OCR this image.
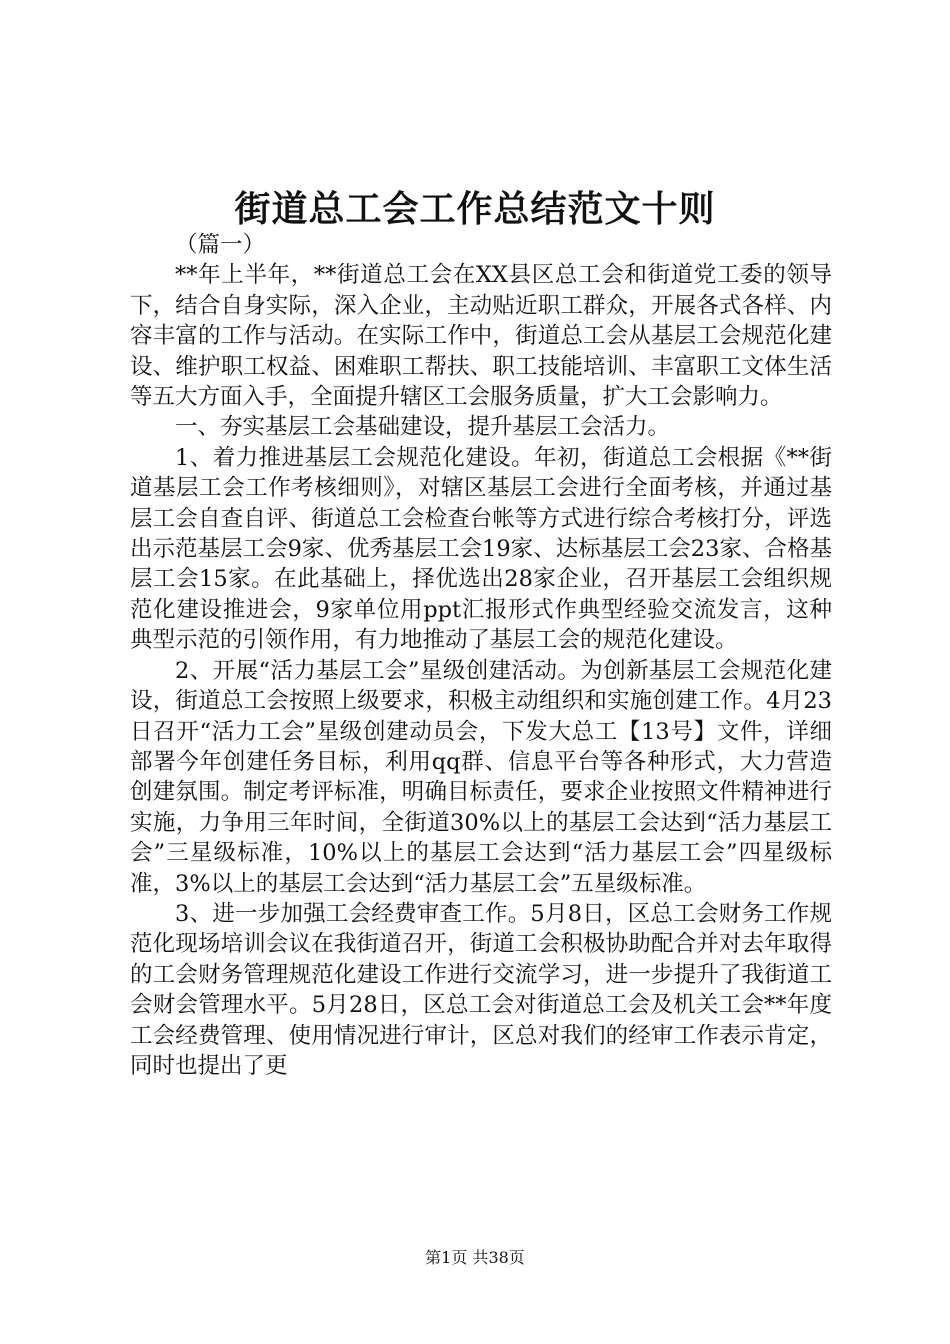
街道总工会工作总结范文十则

（篇一）

**年上半年，**街道总工会在XX县区总工会和街道党工委的领导下，结合自身实际，深入企业，主动贴近职工群众，开展各式各样、内容丰富的工作与活动。在实际工作中，街道总工会从基层工会规范化建设、维护职工权益、困难职工帮扶、职工技能培训、丰富职工文体生活等五大方面入手，全面提升辖区工会服务质量，扩大工会影响力。

一、夯实基层工会基础建设，提升基层工会活力。

1、着力推进基层工会规范化建设。年初，街道总工会根据《**街道基层工会工作考核细则》，对辖区基层工会进行全面考核，并通过基层工会自查自评、街道总工会检查台帐等方式进行综合考核打分，评选出示范基层工会9家、优秀基层工会19家、达标基层工会23家、合格基层工会15家。在此基础上，择优选出28家企业，召开基层工会组织规范化建设推进会，9家单位用ppt汇报形式作典型经验交流发言，这种典型示范的引领作用，有力地推动了基层工会的规范化建设。

2、开展“活力基层工会”星级创建活动。为创新基层工会规范化建设，街道总工会按照上级要求，积极主动组织和实施创建工作。4月23日召开“活力工会”星级创建动员会，下发大总工【13号】文件，详细部署今年创建任务目标，利用qq群、信息平台等各种形式，大力营造创建氛围。制定考评标准，明确目标责任，要求企业按照文件精神进行实施，力争用三年时间，全街道30%以上的基层工会达到“活力基层工会”三星级标准，10%以上的基层工会达到“活力基层工会”四星级标准，3%以上的基层工会达到“活力基层工会”五星级标准。

3、进一步加强工会经费审查工作。5月8日，区总工会财务工作规范化现场培训会议在我街道召开，街道工会积极协助配合并对去年取得的工会财务管理规范化建设工作进行交流学习，进一步提升了我街道工会财会管理水平。5月28日，区总工会对街道总工会及机关工会**年度工会经费管理、使用情况进行审计，区总对我们的经审工作表示肯定，同时也提出了更

第1页 共38页
